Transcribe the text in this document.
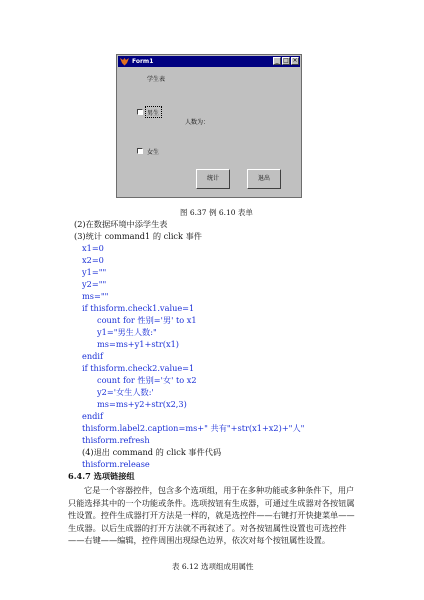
Form1	_ □ ×
学生表
男生
人数为：
女生
统计	退出
图 6.37 例 6.10 表单
(2)在数据环境中添学生表
(3)统计 command1 的 click 事件
x1=0
x2=0
y1=""
y2=""
ms=""
if thisform.check1.value=1
count for 性别='男' to x1
y1="男生人数:"
ms=ms+y1+str(x1)
endif
if thisform.check2.value=1
count for 性别='女' to x2
y2='女生人数:'
ms=ms+y2+str(x2,3)
endif
thisform.label2.caption=ms+" 共有"+str(x1+x2)+"人"
thisform.refresh
(4)退出 command 的 click 事件代码
thisform.release
6.4.7 选项链接组
它是一个容器控件，包含多个选项组，用于在多种功能或多种条件下，用户只能选择其中的一个功能或条件。选项按钮有生成器，可通过生成器对各按钮属性设置。控件生成器打开方法是一样的，就是选控件——右键打开快捷菜单——生成器。以后生成器的打开方法就不再叙述了。对各按钮属性设置也可选控件——右键——编辑，控件周围出现绿色边界，依次对每个按钮属性设置。
表 6.12 选项组成用属性
